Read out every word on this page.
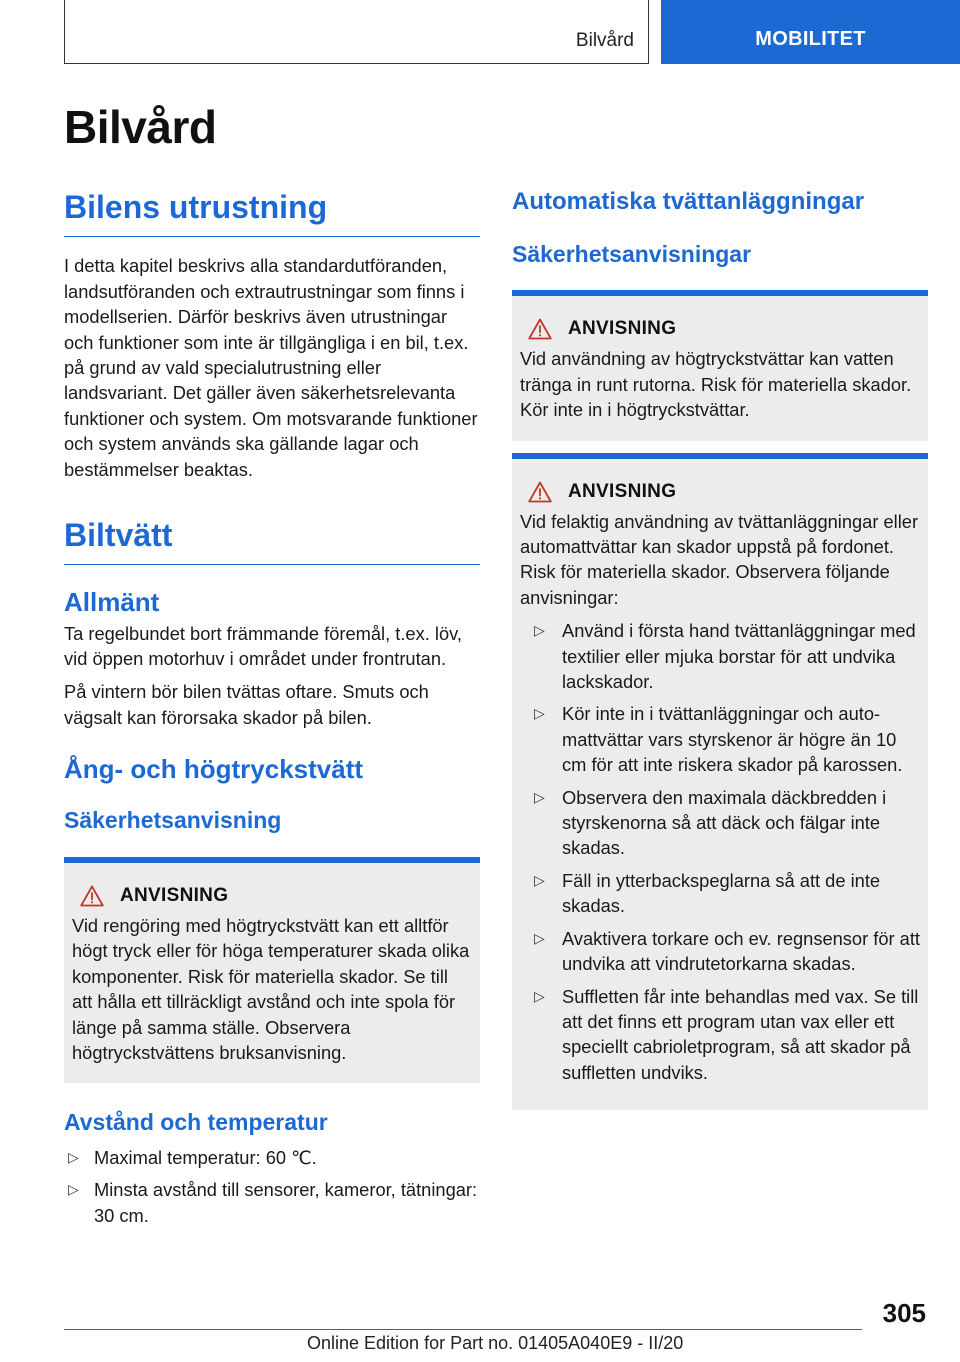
Bilvård	MOBILITET
Bilvård
Bilens utrustning

I detta kapitel beskrivs alla standardutföranden, landsutföranden och extrautrustningar som finns i modellserien. Därför beskrivs även utrustningar och funktioner som inte är tillgängliga i en bil, t.ex. på grund av vald specialutrustning eller landsvariant. Det gäller även säkerhetsrelevanta funktioner och system. Om motsvarande funktioner och system används ska gällande lagar och bestämmelser beaktas.

Biltvätt
Allmänt

Ta regelbundet bort främmande föremål, t.ex. löv, vid öppen motorhuv i området under frontrutan.

På vintern bör bilen tvättas oftare. Smuts och vägsalt kan förorsaka skador på bilen.

Ång- och högtryckstvätt
Säkerhetsanvisning
ANVISNING

Vid rengöring med högtryckstvätt kan ett alltför högt tryck eller för höga temperaturer skada olika komponenter. Risk för materiella skador. Se till att hålla ett tillräckligt avstånd och inte spola för länge på samma ställe. Observera högtryckstvättens bruksanvisning.

Avstånd och temperatur
▷ Maximal temperatur: 60 ℃.
▷ Minsta avstånd till sensorer, kameror, tätningar: 30 cm.
Automatiska tvättanläggningar
Säkerhetsanvisningar
ANVISNING

Vid användning av högtryckstvättar kan vatten tränga in runt rutorna. Risk för materiella skador. Kör inte in i högtryckstvättar.

ANVISNING

Vid felaktig användning av tvättanläggningar eller automattvättar kan skador uppstå på fordonet. Risk för materiella skador. Observera följande anvisningar:

▷ Använd i första hand tvättanläggningar med textilier eller mjuka borstar för att undvika lackskador.
▷ Kör inte in i tvättanläggningar och automattvättar vars styrskenor är högre än 10 cm för att inte riskera skador på karossen.
▷ Observera den maximala däckbredden i styrskenorna så att däck och fälgar inte skadas.
▷ Fäll in ytterbackspeglarna så att de inte skadas.
▷ Avaktivera torkare och ev. regnsensor för att undvika att vindrutetorkarna skadas.
▷ Suffletten får inte behandlas med vax. Se till att det finns ett program utan vax eller ett speciellt cabrioletprogram, så att skador på suffletten undviks.
305
Online Edition for Part no. 01405A040E9 - II/20
